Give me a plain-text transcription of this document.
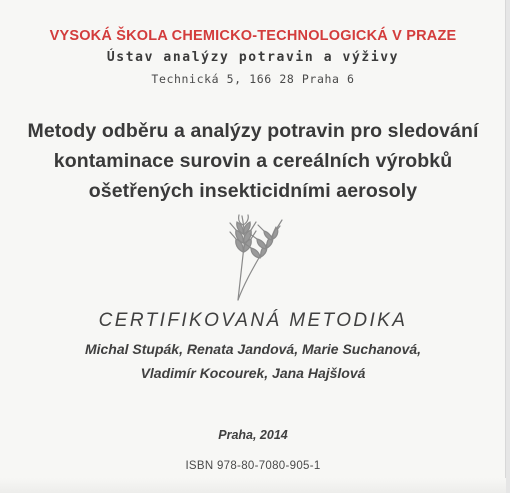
VYSOKÁ ŠKOLA CHEMICKO-TECHNOLOGICKÁ V PRAZE
Ústav analýzy potravin a výživy
Technická 5, 166 28 Praha 6
Metody odběru a analýzy potravin pro sledování
kontaminace surovin a cereálních výrobků
ošetřených insekticidními aerosoly
CERTIFIKOVANÁ METODIKA
Michal Stupák, Renata Jandová, Marie Suchanová,
Vladimír Kocourek, Jana Hajšlová
Praha, 2014
ISBN 978-80-7080-905-1
